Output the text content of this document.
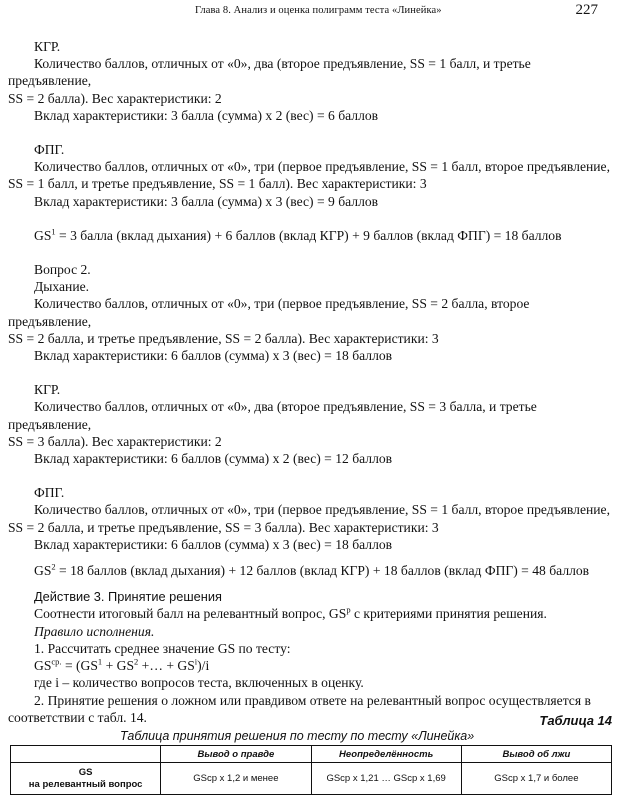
Глава 8. Анализ и оценка полиграмм теста «Линейка»	227

КГР.

Количество баллов, отличных от «0», два (второе предъявление, SS = 1 балл, и третье предъявление,

SS = 2 балла). Вес характеристики: 2

Вклад характеристики: 3 балла (сумма) х 2 (вес) = 6 баллов

ФПГ.

Количество баллов, отличных от «0», три (первое предъявление, SS = 1 балл, второе предъявление,

SS = 1 балл, и третье предъявление, SS = 1 балл). Вес характеристики: 3

Вклад характеристики: 3 балла (сумма) х 3 (вес) = 9 баллов

$GS^1 = 3$ балла (вклад дыхания) + 6 баллов (вклад КГР) + 9 баллов (вклад ФПГ) = 18 баллов

Вопрос 2.

Дыхание.

Количество баллов, отличных от «0», три (первое предъявление, SS = 2 балла, второе предъявление,

SS = 2 балла, и третье предъявление, SS = 2 балла). Вес характеристики: 3

Вклад характеристики: 6 баллов (сумма) х 3 (вес) = 18 баллов

КГР.

Количество баллов, отличных от «0», два (второе предъявление, SS = 3 балла, и третье предъявление,

SS = 3 балла). Вес характеристики: 2

Вклад характеристики: 6 баллов (сумма) х 2 (вес) = 12 баллов

ФПГ.

Количество баллов, отличных от «0», три (первое предъявление, SS = 1 балл, второе предъявление,

SS = 2 балла, и третье предъявление, SS = 3 балла). Вес характеристики: 3

Вклад характеристики: 6 баллов (сумма) х 3 (вес) = 18 баллов

$GS^2 = 18$ баллов (вклад дыхания) + 12 баллов (вклад КГР) + 18 баллов (вклад ФПГ) = 48 баллов

Действие 3. Принятие решения

Соотнести итоговый балл на релевантный вопрос, $GS^р$ с критериями принятия решения.

Правило исполнения.

1. Рассчитать среднее значение GS по тесту:

$GS^{ср.} = (GS^1 + GS^2$ +… + $GS^i)/i$

где i – количество вопросов теста, включенных в оценку.

2. Принятие решения о ложном или правдивом ответе на релевантный вопрос осуществляется в

соответствии с табл. 14.	Таблица 14
Таблица принятия решения по тесту по тесту «Линейка»
	Вывод о правде	Неопределённость	Вывод об лжи

GS
на релевантный вопрос	GSср х 1,2 и менее	GSср х 1,21 … GSср х 1,69	GSср х 1,7 и более
